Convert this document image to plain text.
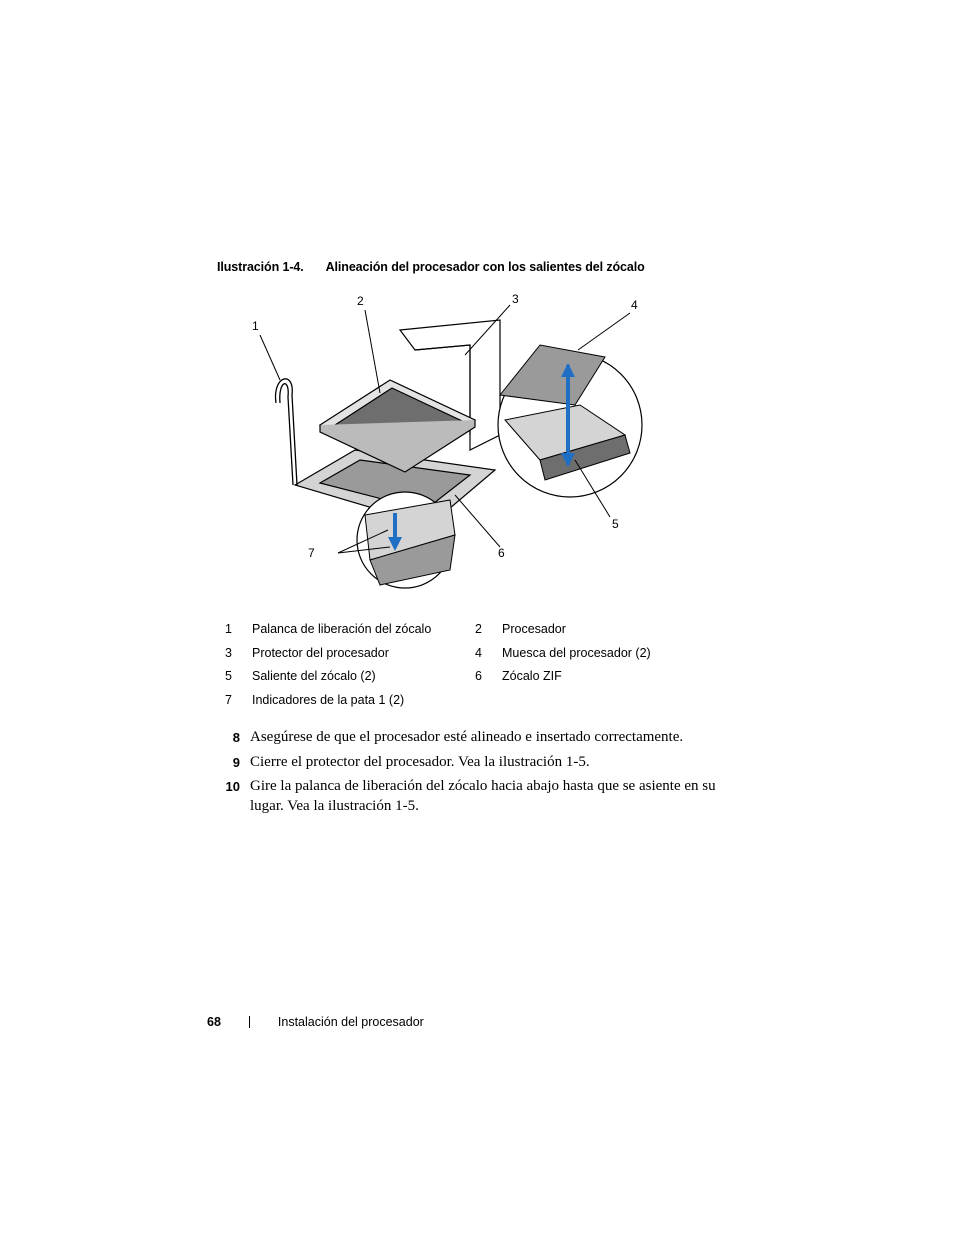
Ilustración 1-4. Alineación del procesador con los salientes del zócalo
1
2	3	4
5
6
7
1 Palanca de liberación del zócalo	2 Procesador
3 Protector del procesador	4 Muesca del procesador (2)
5 Saliente del zócalo (2)	6 Zócalo ZIF
7 Indicadores de la pata 1 (2)
8 Asegúrese de que el procesador esté alineado e insertado correctamente.
9 Cierre el protector del procesador. Vea la ilustración 1-5.
10 Gire la palanca de liberación del zócalo hacia abajo hasta que se asiente en su lugar. Vea la ilustración 1-5.
68	Instalación del procesador
